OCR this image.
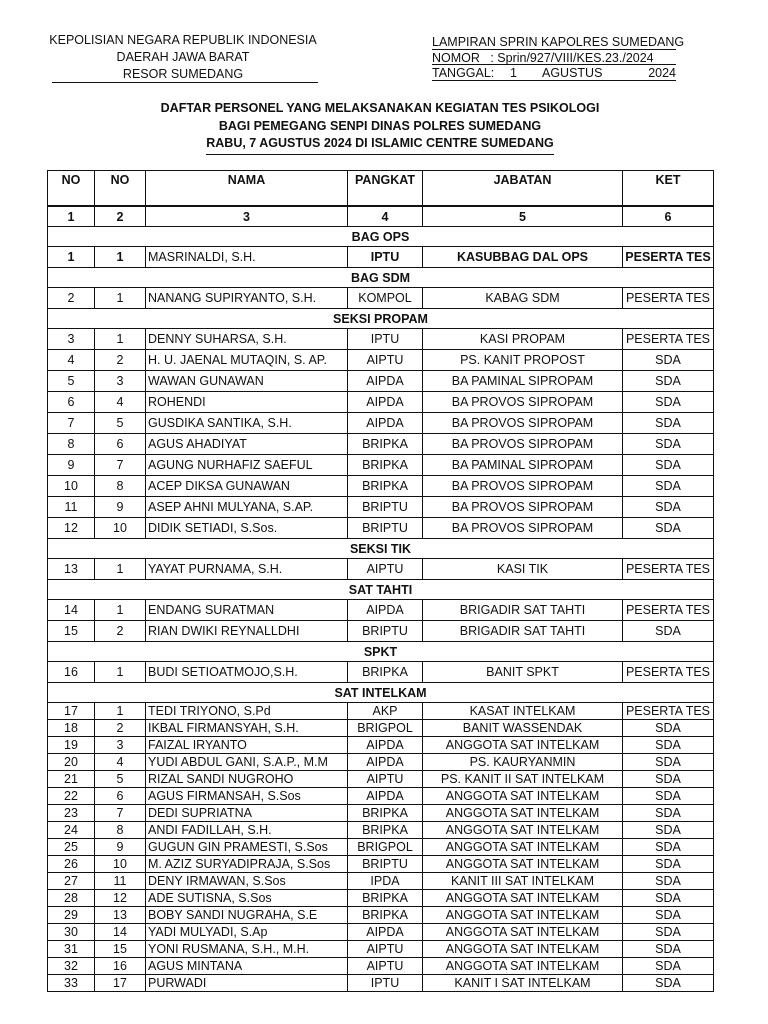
KEPOLISIAN NEGARA REPUBLIK INDONESIA
DAERAH JAWA BARAT
RESOR SUMEDANG
LAMPIRAN SPRIN KAPOLRES SUMEDANG
NOMOR   : Sprin/927/VIII/KES.23./2024
TANGGAL:	1	AGUSTUS	2024
DAFTAR PERSONEL YANG MELAKSANAKAN KEGIATAN TES PSIKOLOGI
BAGI PEMEGANG SENPI DINAS POLRES SUMEDANG
RABU, 7 AGUSTUS 2024 DI ISLAMIC CENTRE SUMEDANG
NO	NO	NAMA	PANGKAT	JABATAN	KET
1	2	3	4	5	6
BAG OPS					
1	1	MASRINALDI, S.H.	IPTU	KASUBBAG DAL OPS	PESERTA TES
BAG SDM					
2	1	NANANG SUPIRYANTO, S.H.	KOMPOL	KABAG SDM	PESERTA TES
SEKSI PROPAM					
3	1	DENNY SUHARSA, S.H.	IPTU	KASI PROPAM	PESERTA TES
4	2	H. U. JAENAL MUTAQIN, S. AP.	AIPTU	PS. KANIT PROPOST	SDA
5	3	WAWAN GUNAWAN	AIPDA	BA PAMINAL SIPROPAM	SDA
6	4	ROHENDI	AIPDA	BA PROVOS SIPROPAM	SDA
7	5	GUSDIKA SANTIKA, S.H.	AIPDA	BA PROVOS SIPROPAM	SDA
8	6	AGUS AHADIYAT	BRIPKA	BA PROVOS SIPROPAM	SDA
9	7	AGUNG NURHAFIZ SAEFUL	BRIPKA	BA PAMINAL SIPROPAM	SDA
10	8	ACEP DIKSA GUNAWAN	BRIPKA	BA PROVOS SIPROPAM	SDA
11	9	ASEP AHNI MULYANA, S.AP.	BRIPTU	BA PROVOS SIPROPAM	SDA
12	10	DIDIK SETIADI, S.Sos.	BRIPTU	BA PROVOS SIPROPAM	SDA
SEKSI TIK					
13	1	YAYAT PURNAMA, S.H.	AIPTU	KASI TIK	PESERTA TES
SAT TAHTI					
14	1	ENDANG SURATMAN	AIPDA	BRIGADIR SAT TAHTI	PESERTA TES
15	2	RIAN DWIKI REYNALLDHI	BRIPTU	BRIGADIR SAT TAHTI	SDA
SPKT					
16	1	BUDI SETIOATMOJO,S.H.	BRIPKA	BANIT SPKT	PESERTA TES
SAT INTELKAM					
17	1	TEDI TRIYONO, S.Pd	AKP	KASAT INTELKAM	PESERTA TES
18	2	IKBAL FIRMANSYAH, S.H.	BRIGPOL	BANIT WASSENDAK	SDA
19	3	FAIZAL IRYANTO	AIPDA	ANGGOTA SAT INTELKAM	SDA
20	4	YUDI ABDUL GANI, S.A.P., M.M	AIPDA	PS. KAURYANMIN	SDA
21	5	RIZAL SANDI NUGROHO	AIPTU	PS. KANIT II SAT INTELKAM	SDA
22	6	AGUS FIRMANSAH, S.Sos	AIPDA	ANGGOTA SAT INTELKAM	SDA
23	7	DEDI SUPRIATNA	BRIPKA	ANGGOTA SAT INTELKAM	SDA
24	8	ANDI FADILLAH, S.H.	BRIPKA	ANGGOTA SAT INTELKAM	SDA
25	9	GUGUN GIN PRAMESTI, S.Sos	BRIGPOL	ANGGOTA SAT INTELKAM	SDA
26	10	M. AZIZ SURYADIPRAJA, S.Sos	BRIPTU	ANGGOTA SAT INTELKAM	SDA
27	11	DENY IRMAWAN, S.Sos	IPDA	KANIT III SAT INTELKAM	SDA
28	12	ADE SUTISNA, S.Sos	BRIPKA	ANGGOTA SAT INTELKAM	SDA
29	13	BOBY SANDI NUGRAHA, S.E	BRIPKA	ANGGOTA SAT INTELKAM	SDA
30	14	YADI MULYADI, S.Ap	AIPDA	ANGGOTA SAT INTELKAM	SDA
31	15	YONI RUSMANA, S.H., M.H.	AIPTU	ANGGOTA SAT INTELKAM	SDA
32	16	AGUS MINTANA	AIPTU	ANGGOTA SAT INTELKAM	SDA
33	17	PURWADI	IPTU	KANIT I SAT INTELKAM	SDA
